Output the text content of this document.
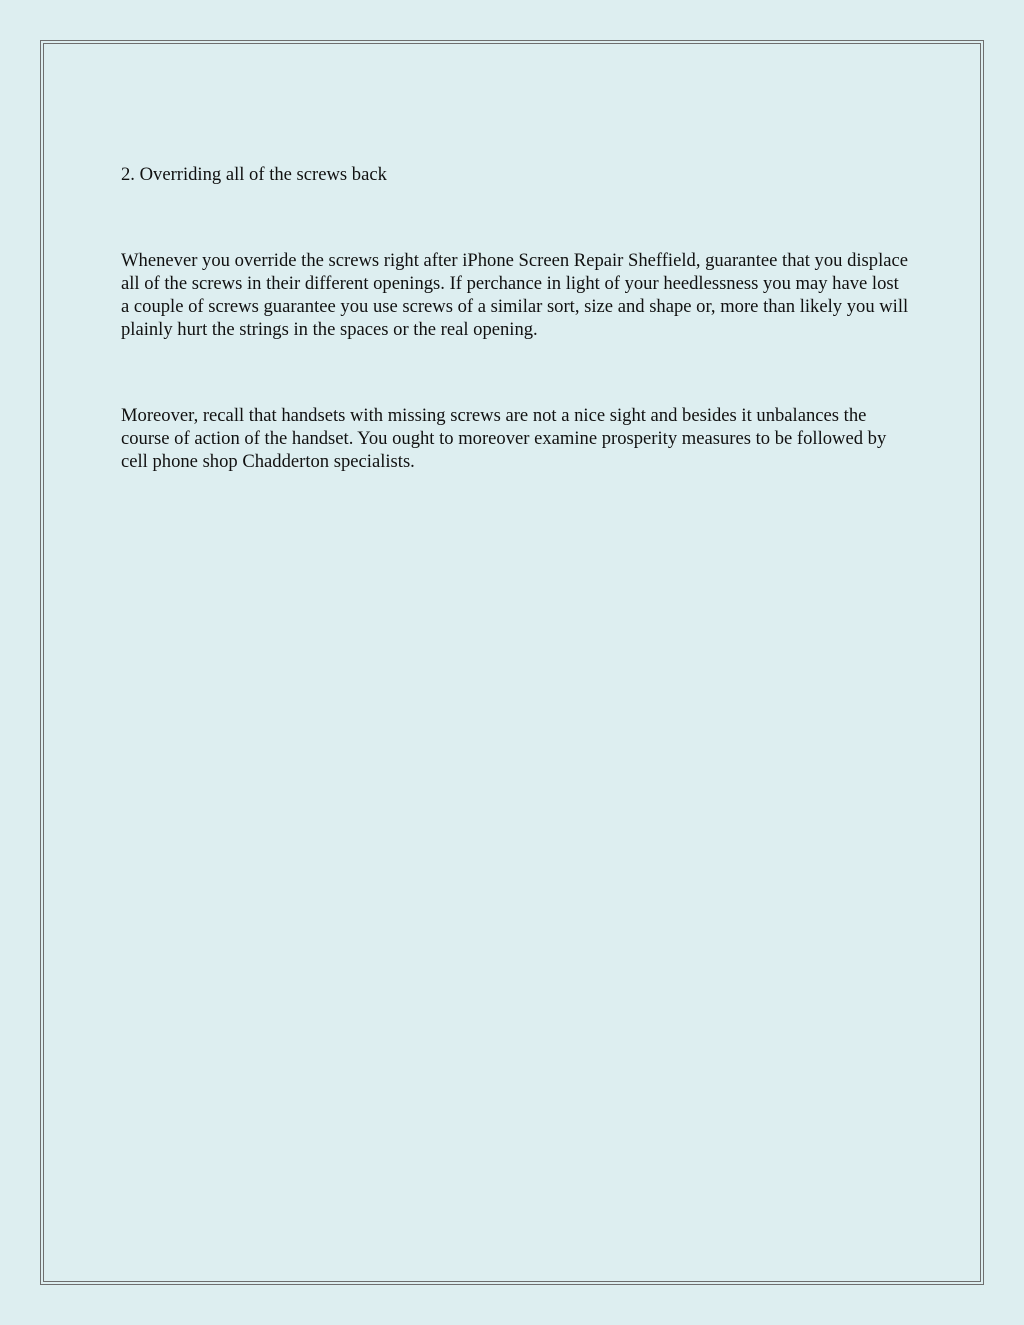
2. Overriding all of the screws back

Whenever you override the screws right after iPhone Screen Repair Sheffield, guarantee that you displace all of the screws in their different openings. If perchance in light of your heedlessness you may have lost a couple of screws guarantee you use screws of a similar sort, size and shape or, more than likely you will plainly hurt the strings in the spaces or the real opening.

Moreover, recall that handsets with missing screws are not a nice sight and besides it unbalances the course of action of the handset. You ought to moreover examine prosperity measures to be followed by cell phone shop Chadderton specialists.
